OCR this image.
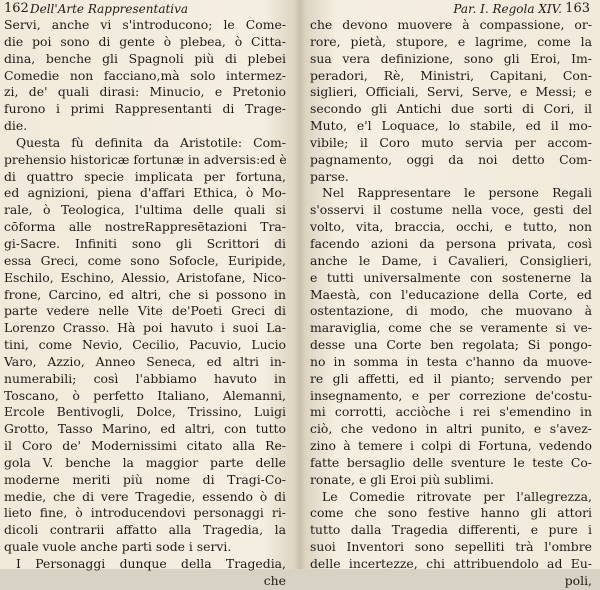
162 Dell'Arte Rappresentativa
Servi, anche vi s'introducono; le Come-
die poi sono di gente ò plebea, ò Citta-
dina, benche gli Spagnoli più di plebei
Comedie non facciano,mà solo intermez-
zi, de' quali dirasi: Minucio, e Pretonio
furono i primi Rappresentanti di Trage-
die.
Questa fù definita da Aristotile: Com-
prehensio historicæ fortunæ in adversis:ed è
di quattro specie implicata per fortuna,
ed agnizioni, piena d'affari Ethica, ò Mo-
rale, ò Teologica, l'ultima delle quali si
cōforma alle nostreRappresētazioni Tra-
gi-Sacre. Infiniti sono gli Scrittori di
essa Greci, come sono Sofocle, Euripide,
Eschilo, Eschino, Alessio, Aristofane, Nico-
frone, Carcino, ed altri, che si possono in
parte vedere nelle Vite de'Poeti Greci di
Lorenzo Crasso. Hà poi havuto i suoi La-
tini, come Nevio, Cecilio, Pacuvio, Lucio
Varo, Azzio, Anneo Seneca, ed altri in-
numerabili; così l'abbiamo havuto in
Toscano, ò perfetto Italiano, Alemanni,
Ercole Bentivogli, Dolce, Trissino, Luigi
Grotto, Tasso Marino, ed altri, con tutto
il Coro de' Modernissimi citato alla Re-
gola V. benche la maggior parte delle
moderne meriti più nome di Tragi-Co-
medie, che di vere Tragedie, essendo ò di
lieto fine, ò introducendovi personaggi ri-
dicoli contrarii affatto alla Tragedia, la
quale vuole anche parti sode i servi.
I Personaggi dunque della Tragedia,
che
Par. I. Regola XIV. 163
che devono muovere à compassione, or-
rore, pietà, stupore, e lagrime, come la
sua vera definizione, sono gli Eroi, Im-
peradori, Rè, Ministri, Capitani, Con-
siglieri, Officiali, Servi, Serve, e Messi; e
secondo gli Antichi due sorti di Cori, il
Muto, e'l Loquace, lo stabile, ed il mo-
vibile; il Coro muto servia per accom-
pagnamento, oggi da noi detto Com-
parse.
Nel Rappresentare le persone Regali
s'osservi il costume nella voce, gesti del
volto, vita, braccia, occhi, e tutto, non
facendo azioni da persona privata, così
anche le Dame, i Cavalieri, Consiglieri,
e tutti universalmente con sostenerne la
Maestà, con l'educazione della Corte, ed
ostentazione, di modo, che muovano à
maraviglia, come che se veramente si ve-
desse una Corte ben regolata; Si pongo-
no in somma in testa c'hanno da muove-
re gli affetti, ed il pianto; servendo per
insegnamento, e per correzione de'costu-
mi corrotti, acciòche i rei s'emendino in
ciò, che vedono in altri punito, e s'avez-
zino à temere i colpi di Fortuna, vedendo
fatte bersaglio delle sventure le teste Co-
ronate, e gli Eroi più sublimi.
Le Comedie ritrovate per l'allegrezza,
come che sono festive hanno gli attori
tutto dalla Tragedia differenti, e pure i
suoi Inventori sono sepelliti trà l'ombre
delle incertezze, chi attribuendolo ad Eu-
poli,
